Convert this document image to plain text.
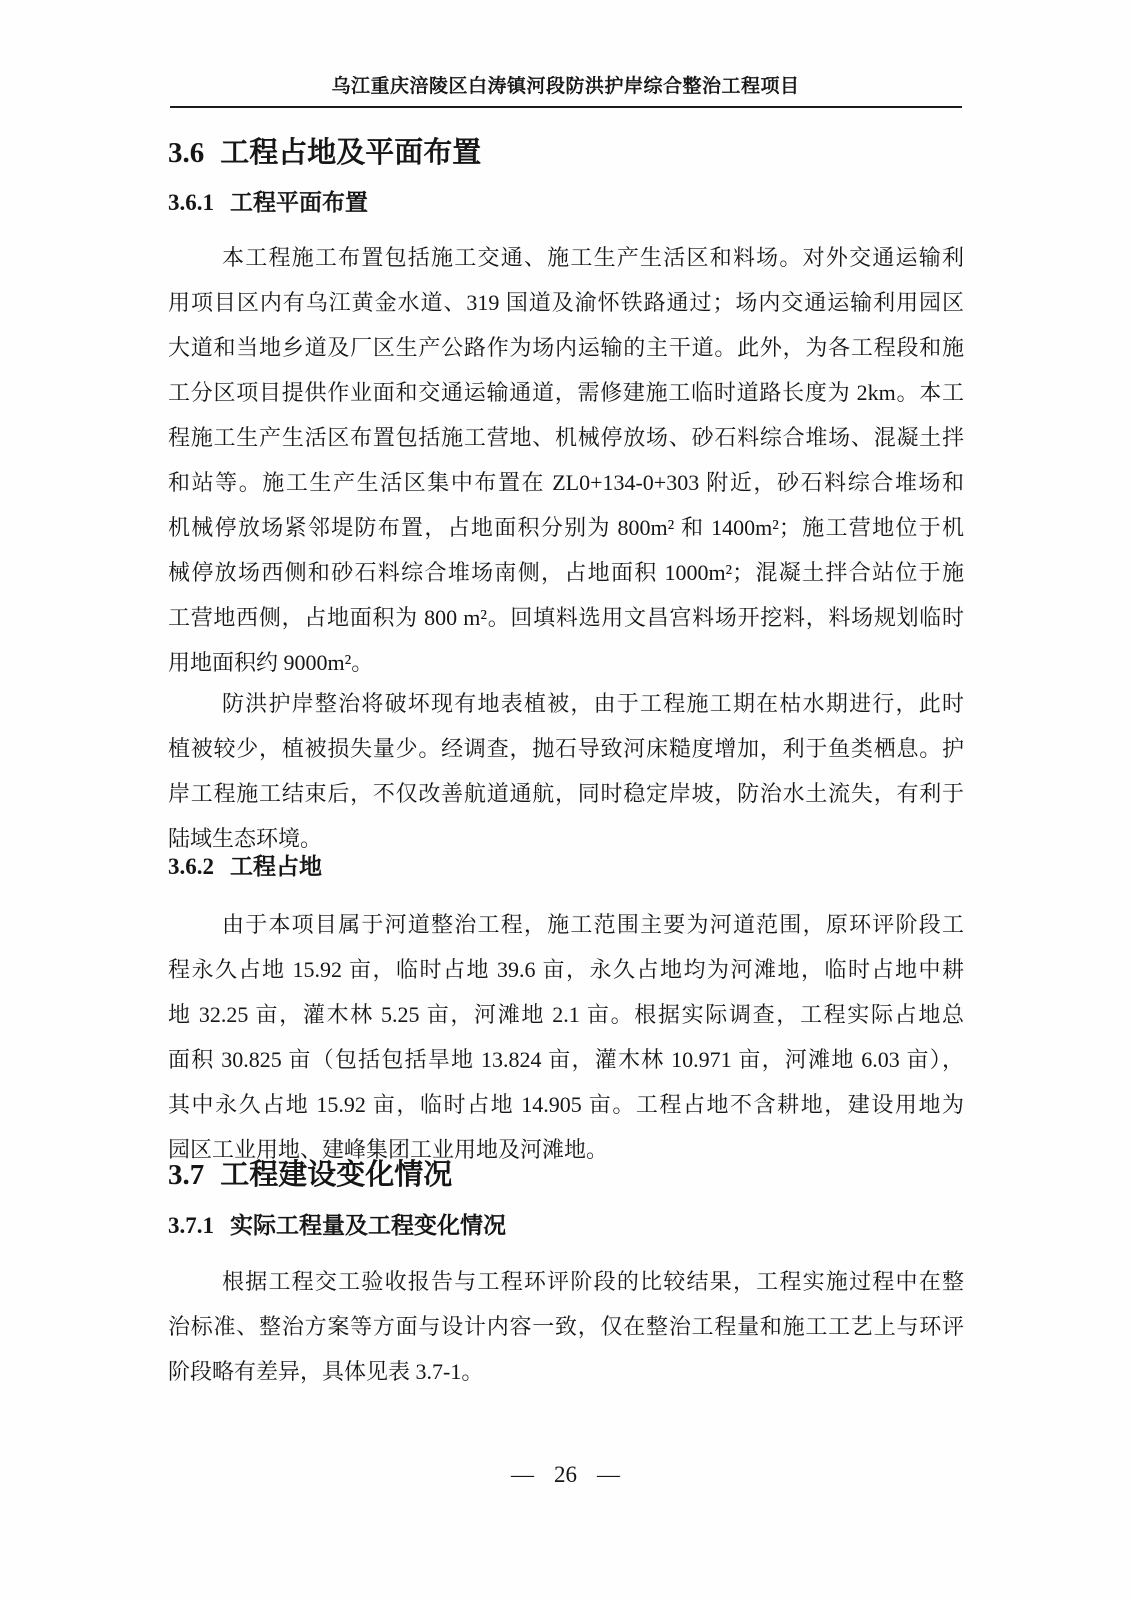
乌江重庆涪陵区白涛镇河段防洪护岸综合整治工程项目
3.6 工程占地及平面布置
3.6.1 工程平面布置
本工程施工布置包括施工交通、施工生产生活区和料场。对外交通运输利
用项目区内有乌江黄金水道、319 国道及渝怀铁路通过；场内交通运输利用园区
大道和当地乡道及厂区生产公路作为场内运输的主干道。此外，为各工程段和施
工分区项目提供作业面和交通运输通道，需修建施工临时道路长度为 2km。本工
程施工生产生活区布置包括施工营地、机械停放场、砂石料综合堆场、混凝土拌
和站等。施工生产生活区集中布置在 ZL0+134-0+303 附近，砂石料综合堆场和
机械停放场紧邻堤防布置，占地面积分别为 800m² 和 1400m²；施工营地位于机
械停放场西侧和砂石料综合堆场南侧，占地面积 1000m²；混凝土拌合站位于施
工营地西侧，占地面积为 800 m²。回填料选用文昌宫料场开挖料，料场规划临时
用地面积约 9000m²。
防洪护岸整治将破坏现有地表植被，由于工程施工期在枯水期进行，此时
植被较少，植被损失量少。经调查，抛石导致河床糙度增加，利于鱼类栖息。护
岸工程施工结束后，不仅改善航道通航，同时稳定岸坡，防治水土流失，有利于
陆域生态环境。
3.6.2 工程占地
由于本项目属于河道整治工程，施工范围主要为河道范围，原环评阶段工
程永久占地 15.92 亩，临时占地 39.6 亩，永久占地均为河滩地，临时占地中耕
地 32.25 亩，灌木林 5.25 亩，河滩地 2.1 亩。根据实际调查，工程实际占地总
面积 30.825 亩（包括包括旱地 13.824 亩，灌木林 10.971 亩，河滩地 6.03 亩），
其中永久占地 15.92 亩，临时占地 14.905 亩。工程占地不含耕地，建设用地为
园区工业用地、建峰集团工业用地及河滩地。
3.7 工程建设变化情况
3.7.1 实际工程量及工程变化情况
根据工程交工验收报告与工程环评阶段的比较结果，工程实施过程中在整
治标准、整治方案等方面与设计内容一致，仅在整治工程量和施工工艺上与环评
阶段略有差异，具体见表 3.7-1。
— 26 —
